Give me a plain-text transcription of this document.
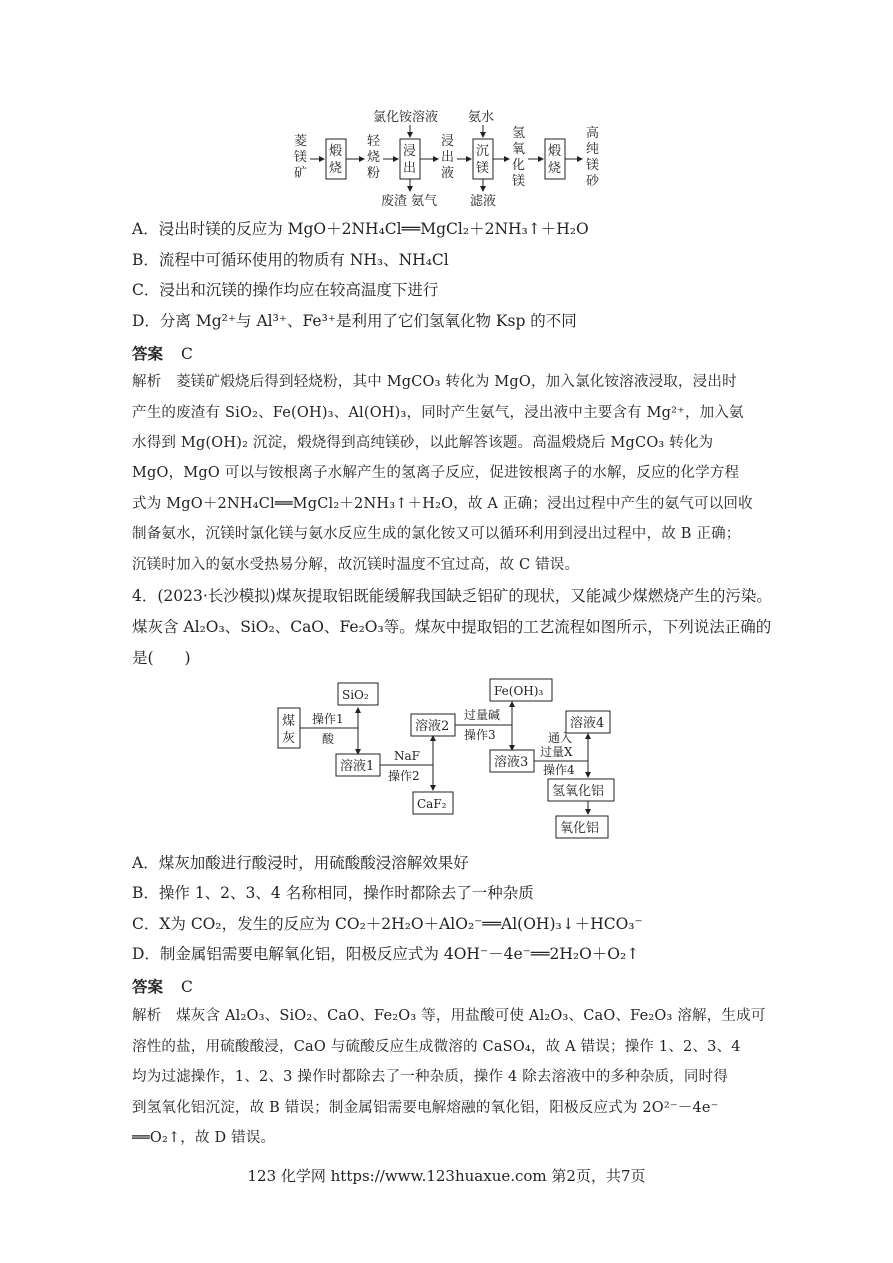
菱
镁
矿
煅
烧
轻
烧
粉
氯化铵溶液
浸
出
废渣 氨气
浸
出
液
氨水
沉
镁
滤液
氢
氧
化
镁
煅
烧
高
纯
镁
砂
A．浸出时镁的反应为 MgO＋2NH₄Cl══MgCl₂＋2NH₃↑＋H₂O
B．流程中可循环使用的物质有 NH₃、NH₄Cl
C．浸出和沉镁的操作均应在较高温度下进行
D．分离 Mg²⁺与 Al³⁺、Fe³⁺是利用了它们氢氧化物 Ksp 的不同
答案 C
解析　菱镁矿煅烧后得到轻烧粉，其中 MgCO₃ 转化为 MgO，加入氯化铵溶液浸取，浸出时
产生的废渣有 SiO₂、Fe(OH)₃、Al(OH)₃，同时产生氨气，浸出液中主要含有 Mg²⁺，加入氨
水得到 Mg(OH)₂ 沉淀，煅烧得到高纯镁砂，以此解答该题。高温煅烧后 MgCO₃ 转化为
MgO，MgO 可以与铵根离子水解产生的氢离子反应，促进铵根离子的水解，反应的化学方程
式为 MgO＋2NH₄Cl══MgCl₂＋2NH₃↑＋H₂O，故 A 正确；浸出过程中产生的氨气可以回收
制备氨水，沉镁时氯化镁与氨水反应生成的氯化铵又可以循环利用到浸出过程中，故 B 正确；
沉镁时加入的氨水受热易分解，故沉镁时温度不宜过高，故 C 错误。
4．(2023·长沙模拟)煤灰提取铝既能缓解我国缺乏铝矿的现状，又能减少煤燃烧产生的污染。
煤灰含 Al₂O₃、SiO₂、CaO、Fe₂O₃等。煤灰中提取铝的工艺流程如图所示，下列说法正确的
是(　　)
煤
灰
操作1
酸
SiO₂
溶液1
NaF
操作2
溶液2
CaF₂
过量碱
操作3
Fe(OH)₃
溶液3
通入
过量X
操作4
溶液4
氢氧化铝
氧化铝
A．煤灰加酸进行酸浸时，用硫酸酸浸溶解效果好
B．操作 1、2、3、4 名称相同，操作时都除去了一种杂质
C．X为 CO₂，发生的反应为 CO₂＋2H₂O＋AlO₂⁻══Al(OH)₃↓＋HCO₃⁻
D．制金属铝需要电解氧化铝，阳极反应式为 4OH⁻－4e⁻══2H₂O＋O₂↑
答案 C
解析　煤灰含 Al₂O₃、SiO₂、CaO、Fe₂O₃ 等，用盐酸可使 Al₂O₃、CaO、Fe₂O₃ 溶解，生成可
溶性的盐，用硫酸酸浸，CaO 与硫酸反应生成微溶的 CaSO₄，故 A 错误；操作 1、2、3、4
均为过滤操作，1、2、3 操作时都除去了一种杂质，操作 4 除去溶液中的多种杂质，同时得
到氢氧化铝沉淀，故 B 错误；制金属铝需要电解熔融的氧化铝，阳极反应式为 2O²⁻－4e⁻
══O₂↑，故 D 错误。
123 化学网 https://www.123huaxue.com 第2页，共7页
